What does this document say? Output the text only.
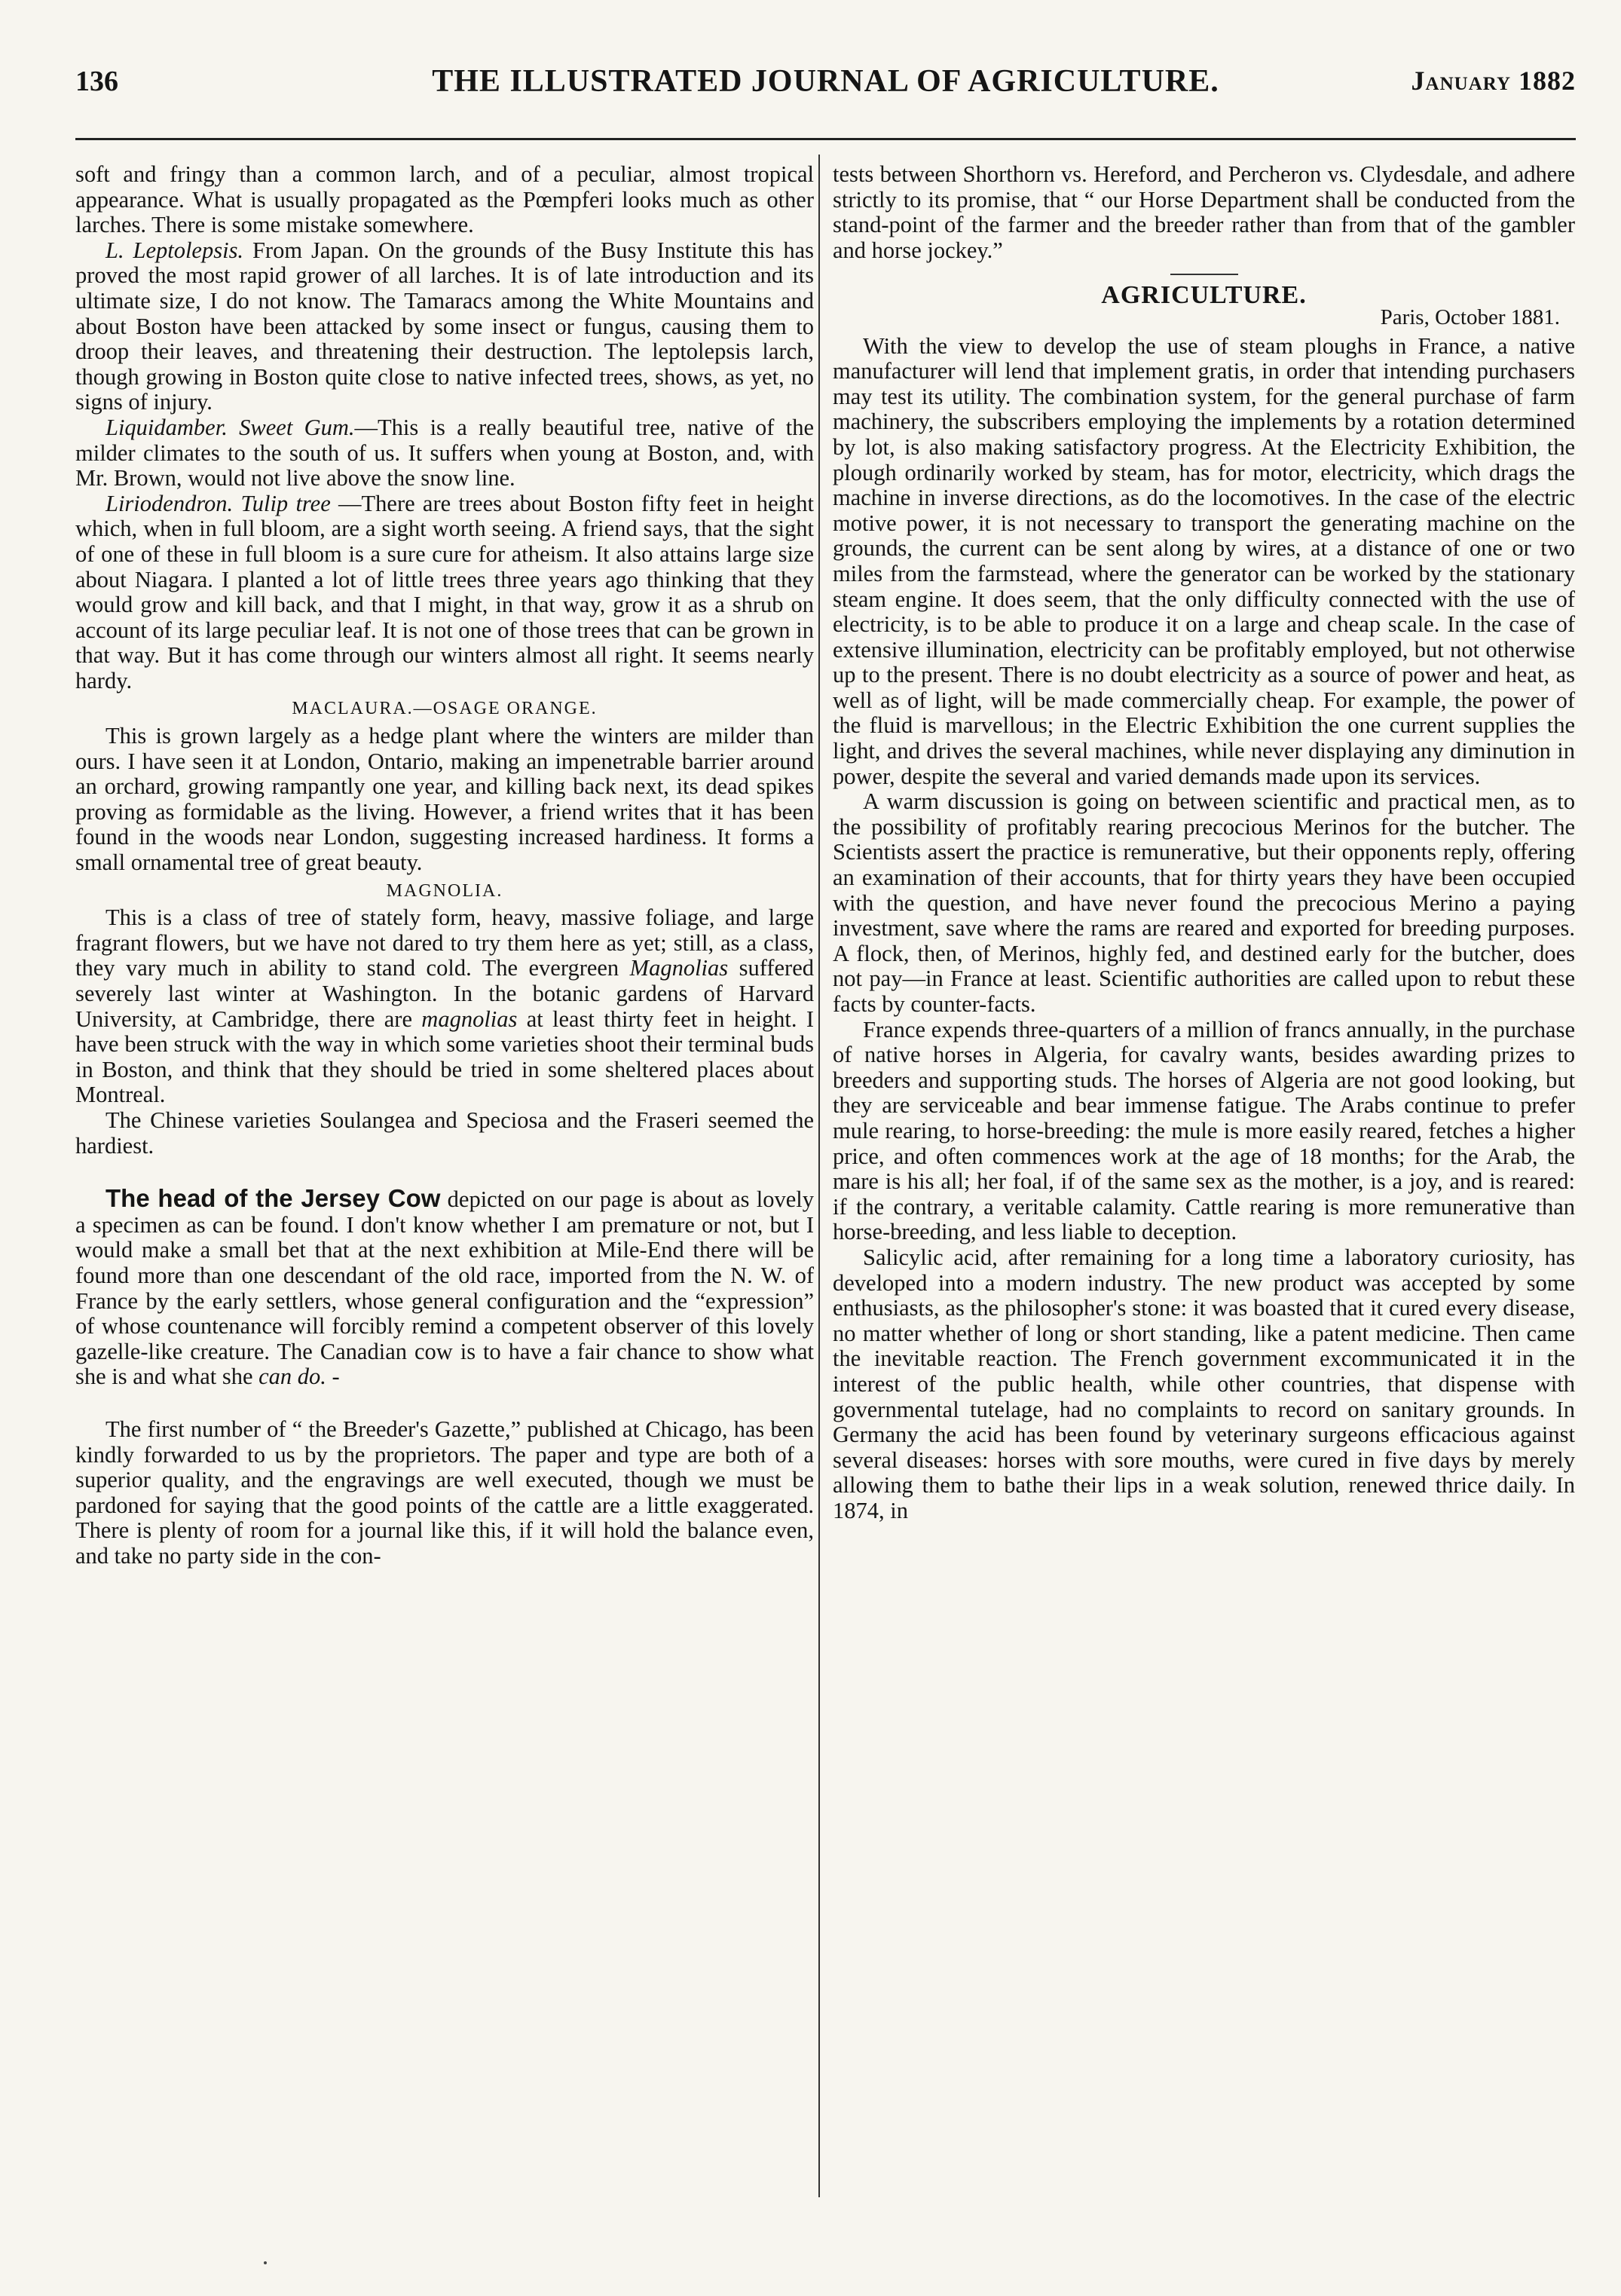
136	THE ILLUSTRATED JOURNAL OF AGRICULTURE.	January 1882

soft and fringy than a common larch, and of a peculiar, almost tropical appearance. What is usually propagated as the Pœmpferi looks much as other larches. There is some mistake somewhere.

L. Leptolepsis. From Japan. On the grounds of the Busy Institute this has proved the most rapid grower of all larches. It is of late introduction and its ultimate size, I do not know. The Tamaracs among the White Mountains and about Boston have been attacked by some insect or fungus, causing them to droop their leaves, and threatening their destruction. The leptolepsis larch, though growing in Boston quite close to native infected trees, shows, as yet, no signs of injury.

Liquidamber. Sweet Gum.—This is a really beautiful tree, native of the milder climates to the south of us. It suffers when young at Boston, and, with Mr. Brown, would not live above the snow line.

Liriodendron. Tulip tree —There are trees about Boston fifty feet in height which, when in full bloom, are a sight worth seeing. A friend says, that the sight of one of these in full bloom is a sure cure for atheism. It also attains large size about Niagara. I planted a lot of little trees three years ago thinking that they would grow and kill back, and that I might, in that way, grow it as a shrub on account of its large peculiar leaf. It is not one of those trees that can be grown in that way. But it has come through our winters almost all right. It seems nearly hardy.

MACLAURA.—OSAGE ORANGE.

This is grown largely as a hedge plant where the winters are milder than ours. I have seen it at London, Ontario, making an impenetrable barrier around an orchard, growing rampantly one year, and killing back next, its dead spikes proving as formidable as the living. However, a friend writes that it has been found in the woods near London, suggesting increased hardiness. It forms a small ornamental tree of great beauty.

MAGNOLIA.

This is a class of tree of stately form, heavy, massive foliage, and large fragrant flowers, but we have not dared to try them here as yet; still, as a class, they vary much in ability to stand cold. The evergreen Magnolias suffered severely last winter at Washington. In the botanic gardens of Harvard University, at Cambridge, there are magnolias at least thirty feet in height. I have been struck with the way in which some varieties shoot their terminal buds in Boston, and think that they should be tried in some sheltered places about Montreal.

The Chinese varieties Soulangea and Speciosa and the Fraseri seemed the hardiest.

The head of the Jersey Cow depicted on our page is about as lovely a specimen as can be found. I don't know whether I am premature or not, but I would make a small bet that at the next exhibition at Mile-End there will be found more than one descendant of the old race, imported from the N. W. of France by the early settlers, whose general configuration and the “expression” of whose countenance will forcibly remind a competent observer of this lovely gazelle-like creature. The Canadian cow is to have a fair chance to show what she is and what she can do. -

The first number of “ the Breeder's Gazette,” published at Chicago, has been kindly forwarded to us by the proprietors. The paper and type are both of a superior quality, and the engravings are well executed, though we must be pardoned for saying that the good points of the cattle are a little exaggerated. There is plenty of room for a journal like this, if it will hold the balance even, and take no party side in the con-

tests between Shorthorn vs. Hereford, and Percheron vs. Clydesdale, and adhere strictly to its promise, that “ our Horse Department shall be conducted from the stand-point of the farmer and the breeder rather than from that of the gambler and horse jockey.”

AGRICULTURE.
Paris, October 1881.

With the view to develop the use of steam ploughs in France, a native manufacturer will lend that implement gratis, in order that intending purchasers may test its utility. The combination system, for the general purchase of farm machinery, the subscribers employing the implements by a rotation determined by lot, is also making satisfactory progress. At the Electricity Exhibition, the plough ordinarily worked by steam, has for motor, electricity, which drags the machine in inverse directions, as do the locomotives. In the case of the electric motive power, it is not necessary to transport the generating machine on the grounds, the current can be sent along by wires, at a distance of one or two miles from the farmstead, where the generator can be worked by the stationary steam engine. It does seem, that the only difficulty connected with the use of electricity, is to be able to produce it on a large and cheap scale. In the case of extensive illumination, electricity can be profitably employed, but not otherwise up to the present. There is no doubt electricity as a source of power and heat, as well as of light, will be made commercially cheap. For example, the power of the fluid is marvellous; in the Electric Exhibition the one current supplies the light, and drives the several machines, while never displaying any diminution in power, despite the several and varied demands made upon its services.

A warm discussion is going on between scientific and practical men, as to the possibility of profitably rearing precocious Merinos for the butcher. The Scientists assert the practice is remunerative, but their opponents reply, offering an examination of their accounts, that for thirty years they have been occupied with the question, and have never found the precocious Merino a paying investment, save where the rams are reared and exported for breeding purposes. A flock, then, of Merinos, highly fed, and destined early for the butcher, does not pay—in France at least. Scientific authorities are called upon to rebut these facts by counter-facts.

France expends three-quarters of a million of francs annually, in the purchase of native horses in Algeria, for cavalry wants, besides awarding prizes to breeders and supporting studs. The horses of Algeria are not good looking, but they are serviceable and bear immense fatigue. The Arabs continue to prefer mule rearing, to horse-breeding: the mule is more easily reared, fetches a higher price, and often commences work at the age of 18 months; for the Arab, the mare is his all; her foal, if of the same sex as the mother, is a joy, and is reared: if the contrary, a veritable calamity. Cattle rearing is more remunerative than horse-breeding, and less liable to deception.

Salicylic acid, after remaining for a long time a laboratory curiosity, has developed into a modern industry. The new product was accepted by some enthusiasts, as the philosopher's stone: it was boasted that it cured every disease, no matter whether of long or short standing, like a patent medicine. Then came the inevitable reaction. The French government excommunicated it in the interest of the public health, while other countries, that dispense with governmental tutelage, had no complaints to record on sanitary grounds. In Germany the acid has been found by veterinary surgeons efficacious against several diseases: horses with sore mouths, were cured in five days by merely allowing them to bathe their lips in a weak solution, renewed thrice daily. In 1874, in
